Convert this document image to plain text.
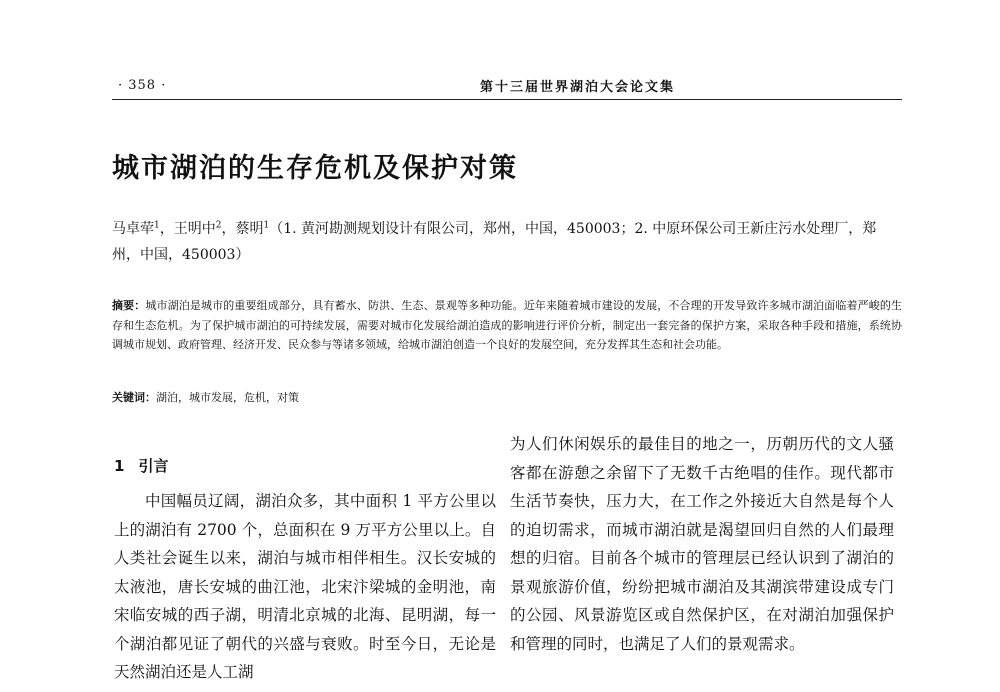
· 358 ·	第十三届世界湖泊大会论文集
城市湖泊的生存危机及保护对策
马卓荦$^1$，王明中$^2$，蔡明$^1$（1. 黄河勘测规划设计有限公司，郑州，中国，450003；2. 中原环保公司王新庄污水处理厂，郑州，中国，450003）

摘要：城市湖泊是城市的重要组成部分，具有蓄水、防洪、生态、景观等多种功能。近年来随着城市建设的发展，不合理的开发导致许多城市湖泊面临着严峻的生存和生态危机。为了保护城市湖泊的可持续发展，需要对城市化发展给湖泊造成的影响进行评价分析，制定出一套完备的保护方案，采取各种手段和措施，系统协调城市规划、政府管理、经济开发、民众参与等诸多领域，给城市湖泊创造一个良好的发展空间，充分发挥其生态和社会功能。

关键词：湖泊，城市发展，危机，对策

1 引言

中国幅员辽阔，湖泊众多，其中面积 1 平方公里以上的湖泊有 2700 个，总面积在 9 万平方公里以上。自人类社会诞生以来，湖泊与城市相伴相生。汉长安城的太液池，唐长安城的曲江池，北宋汴梁城的金明池，南宋临安城的西子湖，明清北京城的北海、昆明湖，每一个湖泊都见证了朝代的兴盛与衰败。时至今日，无论是天然湖泊还是人工湖

为人们休闲娱乐的最佳目的地之一，历朝历代的文人骚客都在游憩之余留下了无数千古绝唱的佳作。现代都市生活节奏快，压力大，在工作之外接近大自然是每个人的迫切需求，而城市湖泊就是渴望回归自然的人们最理想的归宿。目前各个城市的管理层已经认识到了湖泊的景观旅游价值，纷纷把城市湖泊及其湖滨带建设成专门的公园、风景游览区或自然保护区，在对湖泊加强保护和管理的同时，也满足了人们的景观需求。
